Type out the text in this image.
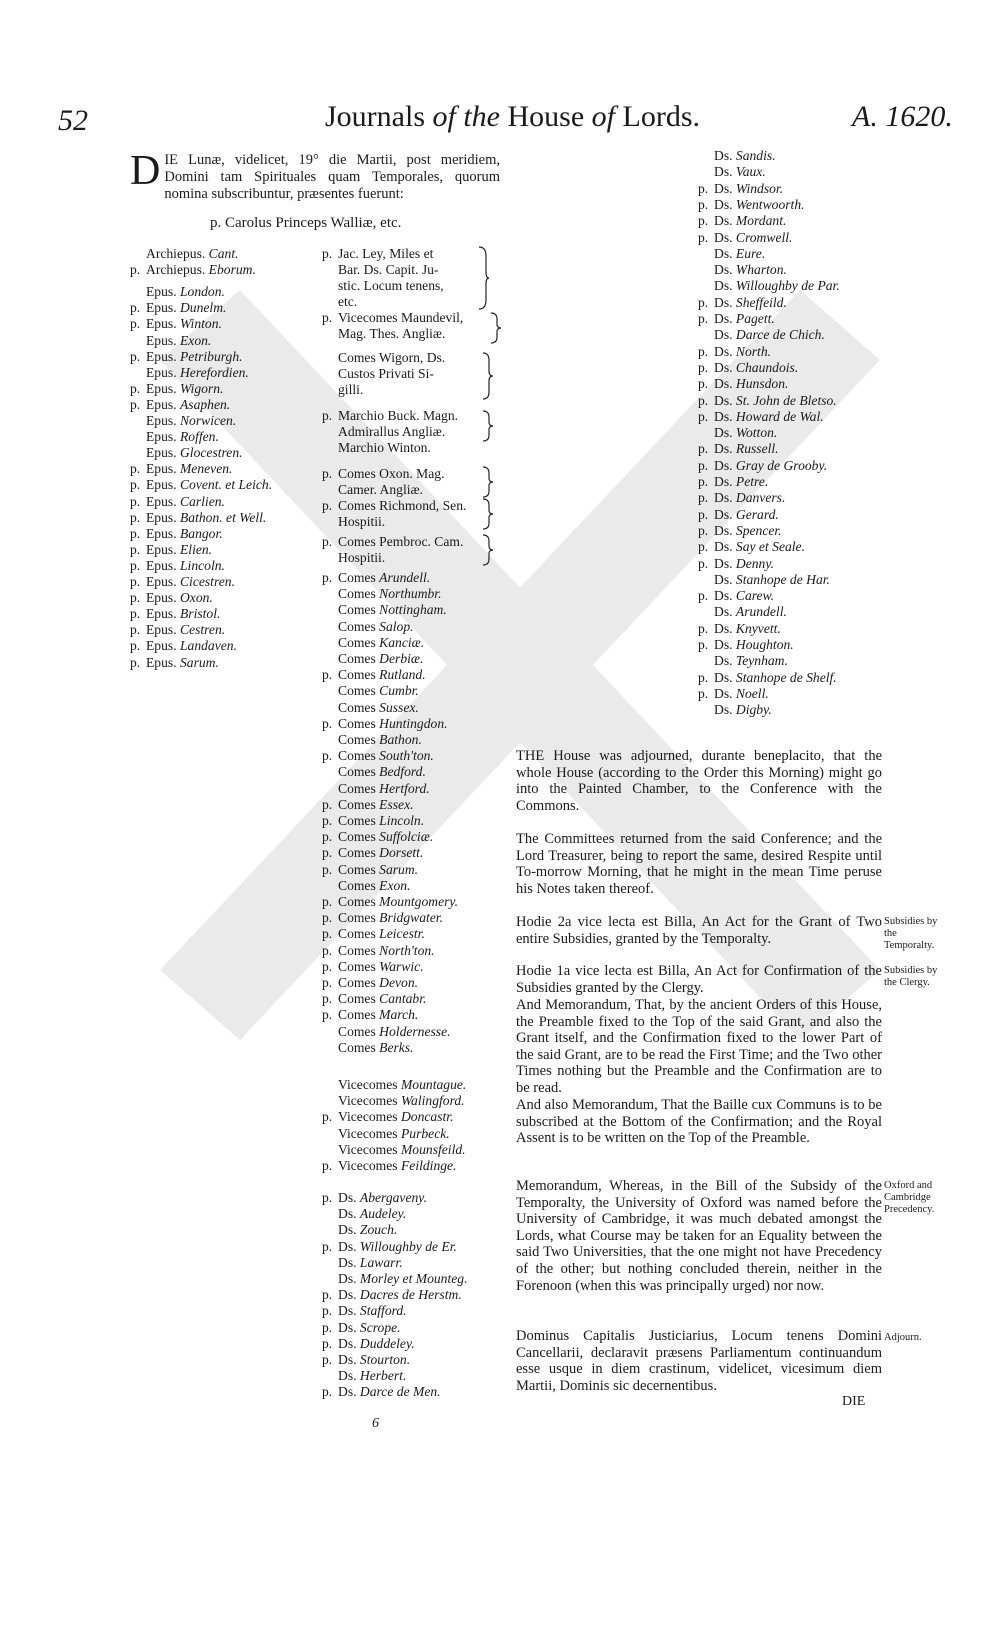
52	Journals of the House of Lords.	A. 1620.
DIE Lunæ, videlicet, 19° die Martii, post meridiem, Domini tam Spirituales quam Temporales, quorum nomina subscribuntur, præsentes fuerunt:
p. Carolus Princeps Walliæ, etc.
Archiepus. Cant.
p. Archiepus. Eborum.
Epus. London.
p. Epus. Dunelm.
p. Epus. Winton.
Epus. Exon.
p. Epus. Petriburgh.
Epus. Herefordien.
p. Epus. Wigorn.
p. Epus. Asaphen.
Epus. Norwicen.
Epus. Roffen.
Epus. Glocestren.
p. Epus. Meneven.
p. Epus. Covent. et Leich.
p. Epus. Carlien.
p. Epus. Bathon. et Well.
p. Epus. Bangor.
p. Epus. Elien.
p. Epus. Lincoln.
p. Epus. Cicestren.
p. Epus. Oxon.
p. Epus. Bristol.
p. Epus. Cestren.
p. Epus. Landaven.
p. Epus. Sarum.
p. Jac. Ley, Miles et
Bar. Ds. Capit. Ju-
stic. Locum tenens,
etc.
p. Vicecomes Maundevil,
Mag. Thes. Angliæ.
Comes Wigorn, Ds.
Custos Privati Si-
gilli.
p. Marchio Buck. Magn.
Admirallus Angliæ.
Marchio Winton.
p. Comes Oxon. Mag.
Camer. Angliæ.
p. Comes Richmond, Sen.
Hospitii.
p. Comes Pembroc. Cam.
Hospitii.
p. Comes Arundell.
Comes Northumbr.
Comes Nottingham.
Comes Salop.
Comes Kanciæ.
Comes Derbiæ.
p. Comes Rutland.
Comes Cumbr.
Comes Sussex.
p. Comes Huntingdon.
Comes Bathon.
p. Comes South'ton.
Comes Bedford.
Comes Hertford.
p. Comes Essex.
p. Comes Lincoln.
p. Comes Suffolciæ.
p. Comes Dorsett.
p. Comes Sarum.
Comes Exon.
p. Comes Mountgomery.
p. Comes Bridgwater.
p. Comes Leicestr.
p. Comes North'ton.
p. Comes Warwic.
p. Comes Devon.
p. Comes Cantabr.
p. Comes March.
Comes Holdernesse.
Comes Berks.
Vicecomes Mountague.
Vicecomes Walingford.
p. Vicecomes Doncastr.
Vicecomes Purbeck.
Vicecomes Mounsfeild.
p. Vicecomes Feildinge.
p. Ds. Abergaveny.
Ds. Audeley.
Ds. Zouch.
p. Ds. Willoughby de Er.
Ds. Lawarr.
Ds. Morley et Mounteg.
p. Ds. Dacres de Herstm.
p. Ds. Stafford.
p. Ds. Scrope.
p. Ds. Duddeley.
p. Ds. Stourton.
Ds. Herbert.
p. Ds. Darce de Men.
Ds. Sandis.
Ds. Vaux.
p. Ds. Windsor.
p. Ds. Wentwoorth.
p. Ds. Mordant.
p. Ds. Cromwell.
Ds. Eure.
Ds. Wharton.
Ds. Willoughby de Par.
p. Ds. Sheffeild.
p. Ds. Pagett.
Ds. Darce de Chich.
p. Ds. North.
p. Ds. Chaundois.
p. Ds. Hunsdon.
p. Ds. St. John de Bletso.
p. Ds. Howard de Wal.
Ds. Wotton.
p. Ds. Russell.
p. Ds. Gray de Grooby.
p. Ds. Petre.
p. Ds. Danvers.
p. Ds. Gerard.
p. Ds. Spencer.
p. Ds. Say et Seale.
p. Ds. Denny.
Ds. Stanhope de Har.
p. Ds. Carew.
Ds. Arundell.
p. Ds. Knyvett.
p. Ds. Houghton.
Ds. Teynham.
p. Ds. Stanhope de Shelf.
p. Ds. Noell.
Ds. Digby.
THE House was adjourned, durante beneplacito, that the whole House (according to the Order this Morning) might go into the Painted Chamber, to the Conference with the Commons.
The Committees returned from the said Conference; and the Lord Treasurer, being to report the same, desired Respite until To-morrow Morning, that he might in the mean Time peruse his Notes taken thereof.
Hodie 2a vice lecta est Billa, An Act for the Grant of Two entire Subsidies, granted by the Temporalty.
Hodie 1a vice lecta est Billa, An Act for Confirmation of the Subsidies granted by the Clergy.
And Memorandum, That, by the ancient Orders of this House, the Preamble fixed to the Top of the said Grant, and also the Grant itself, and the Confirmation fixed to the lower Part of the said Grant, are to be read the First Time; and the Two other Times nothing but the Preamble and the Confirmation are to be read.
And also Memorandum, That the Baille cux Communs is to be subscribed at the Bottom of the Confirmation; and the Royal Assent is to be written on the Top of the Preamble.
Memorandum, Whereas, in the Bill of the Subsidy of the Temporalty, the University of Oxford was named before the University of Cambridge, it was much debated amongst the Lords, what Course may be taken for an Equality between the said Two Universities, that the one might not have Precedency of the other; but nothing concluded therein, neither in the Forenoon (when this was principally urged) nor now.
Dominus Capitalis Justiciarius, Locum tenens Domini Cancellarii, declaravit præsens Parliamentum continuandum esse usque in diem crastinum, videlicet, vicesimum diem Martii, Dominis sic decernentibus.
Subsidies by the Temporalty.
Subsidies by the Clergy.
Oxford and Cambridge Precedency.
Adjourn.
DIE
6
